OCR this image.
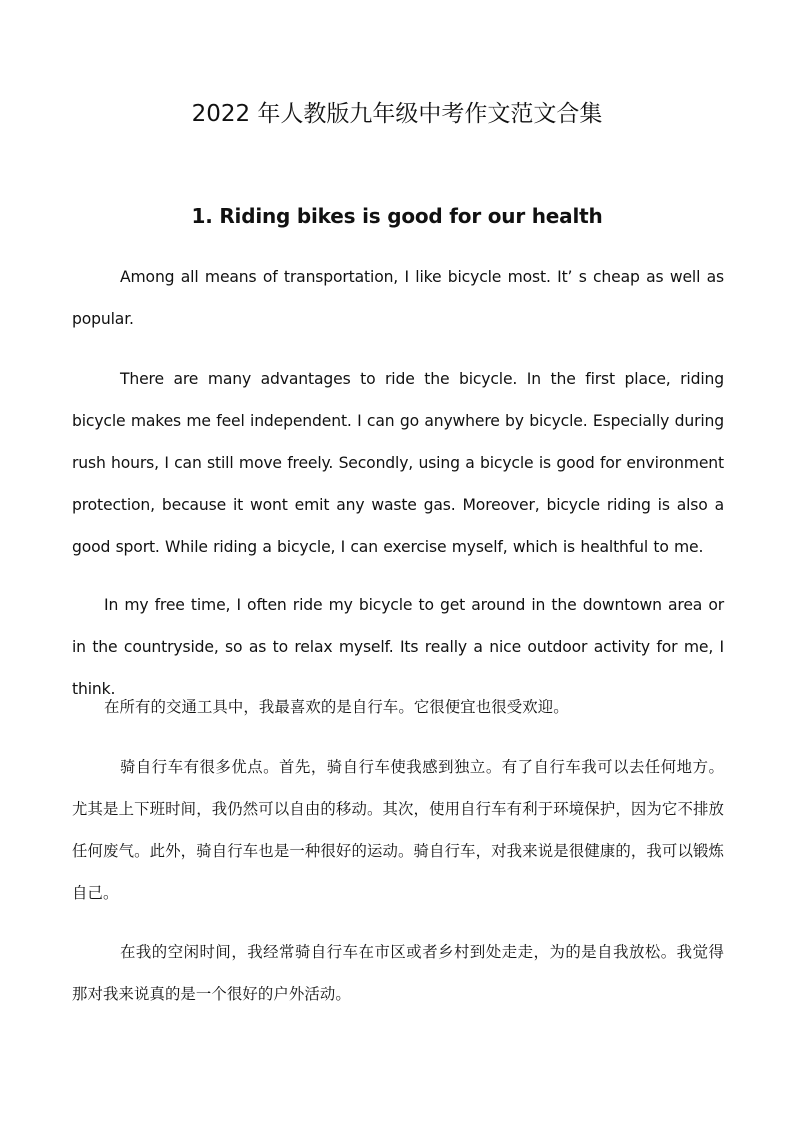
2022 年人教版九年级中考作文范文合集
1. Riding bikes is good for our health

Among all means of transportation, I like bicycle most. It’ s cheap as well as popular.

There are many advantages to ride the bicycle. In the first place, riding bicycle makes me feel independent. I can go anywhere by bicycle. Especially during rush hours, I can still move freely. Secondly, using a bicycle is good for environment protection, because it wont emit any waste gas. Moreover, bicycle riding is also a good sport. While riding a bicycle, I can exercise myself, which is healthful to me.

In my free time, I often ride my bicycle to get around in the downtown area or in the countryside, so as to relax myself. Its really a nice outdoor activity for me, I think.

在所有的交通工具中，我最喜欢的是自行车。它很便宜也很受欢迎。

骑自行车有很多优点。首先，骑自行车使我感到独立。有了自行车我可以去任何地方。尤其是上下班时间，我仍然可以自由的移动。其次，使用自行车有利于环境保护，因为它不排放任何废气。此外，骑自行车也是一种很好的运动。骑自行车，对我来说是很健康的，我可以锻炼自己。

在我的空闲时间，我经常骑自行车在市区或者乡村到处走走，为的是自我放松。我觉得那对我来说真的是一个很好的户外活动。
